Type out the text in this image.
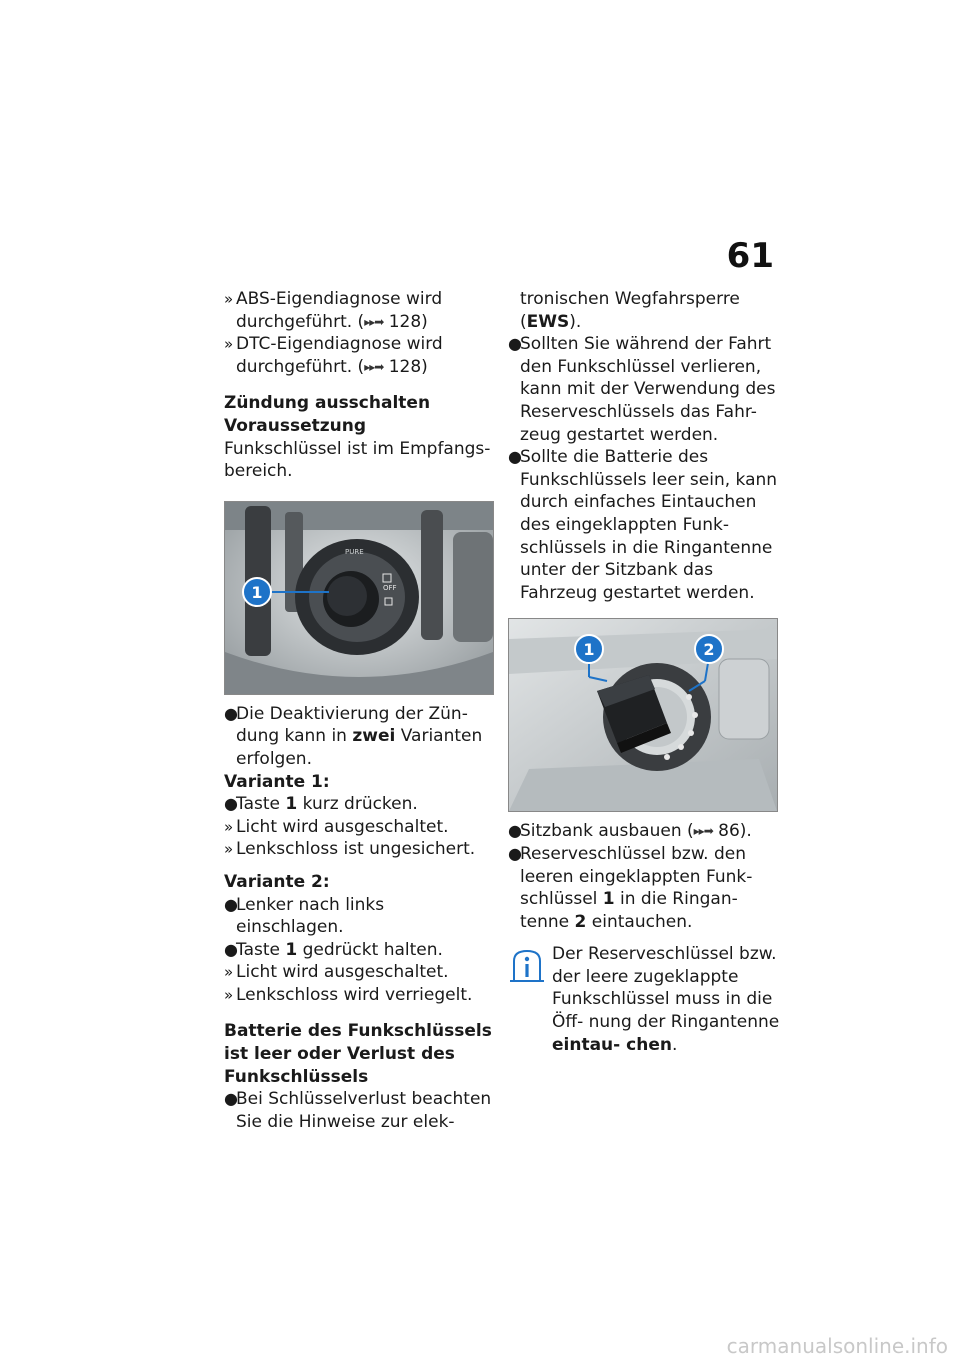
61
» ABS-Eigendiagnose wird durchgeführt. (▸▸➡ 128)
» DTC-Eigendiagnose wird durchgeführt. (▸▸➡ 128)

Zündung ausschalten

Voraussetzung

Funkschlüssel ist im Empfangs- bereich.

PURE
OFF
1
●
Die Deaktivierung der Zün- dung kann in zwei Varianten erfolgen.

Variante 1:

●
Taste 1 kurz drücken.
» Licht wird ausgeschaltet.
» Lenkschloss ist ungesichert.

Variante 2:

●
Lenker nach links einschlagen.
●
Taste 1 gedrückt halten.
» Licht wird ausgeschaltet.
» Lenkschloss wird verriegelt.

Batterie des Funkschlüssels ist leer oder Verlust des Funkschlüssels

●
Bei Schlüsselverlust beachten Sie die Hinweise zur elek-
tronischen Wegfahrsperre (EWS).
●
Sollten Sie während der Fahrt den Funkschlüssel verlieren, kann mit der Verwendung des Reserveschlüssels das Fahr- zeug gestartet werden.
●
Sollte die Batterie des Funkschlüssels leer sein, kann durch einfaches Eintauchen des eingeklappten Funk- schlüssels in die Ringantenne unter der Sitzbank das Fahrzeug gestartet werden.
1	2
●
Sitzbank ausbauen (▸▸➡ 86).
●
Reserveschlüssel bzw. den leeren eingeklappten Funk- schlüssel 1 in die Ringan- tenne 2 eintauchen.

Der Reserveschlüssel bzw. der leere zugeklappte Funkschlüssel muss in die Öff- nung der Ringantenne eintau- chen.

carmanualsonline.info
